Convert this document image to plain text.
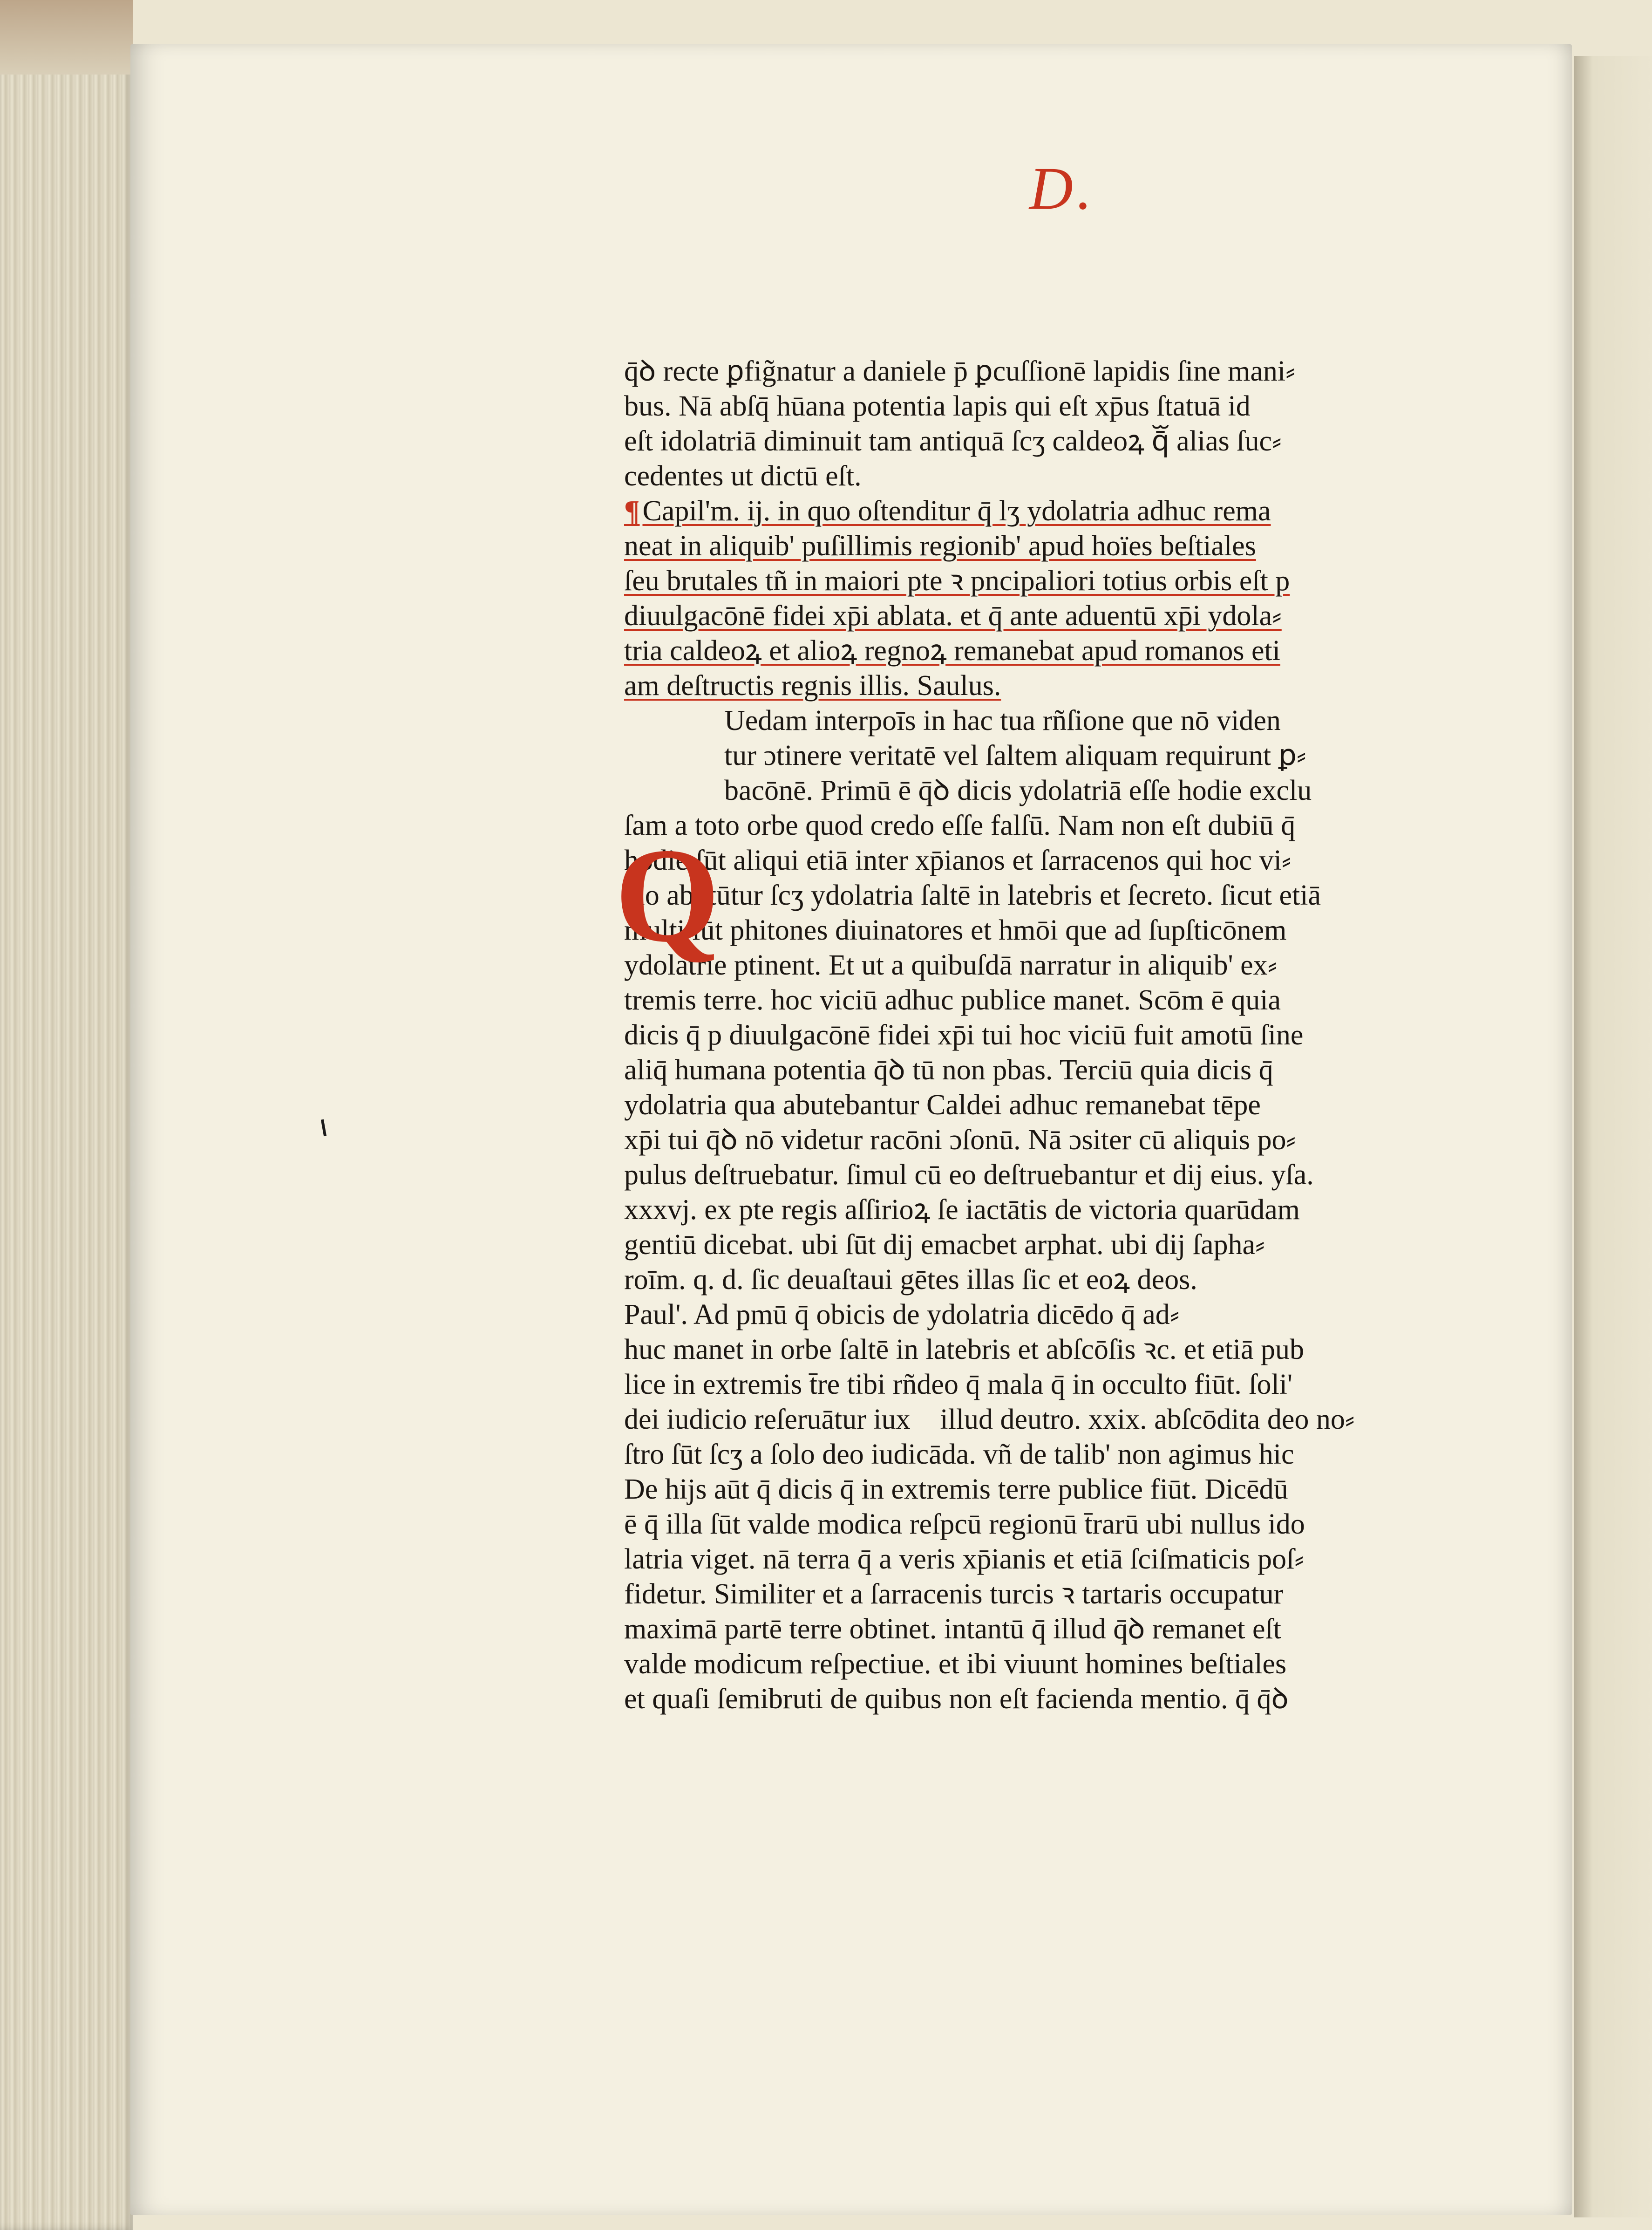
D.
q̄ꝺ recte ꝑfig̃natur a daniele p̄ ꝑcuſſionē lapidis ſine mani⸗
bus. Nā abſq̄ hūana potentia lapis qui eſt xp̄us ſtatuā id
eſt idolatriā diminuit tam antiquā ſcʒ caldeoꝝ q̄ᷓ alias ſuc⸗
cedentes ut dictū eſt.
¶Capil'm. ij. in quo oſtenditur q̄ lʒ ydolatria adhuc rema
neat in aliquib' puſillimis regionib' apud hoïes beſtiales
ſeu brutales tñ in maiori pte ꝛ pncipaliori totius orbis eſt p
diuulgacōnē fidei xp̄i ablata. et q̄ ante aduentū xp̄i ydola⸗
tria caldeoꝝ et alioꝝ regnoꝝ remanebat apud romanos eti
am deſtructis regnis illis. Saulus.
Uedam interpoīs in hac tua rñſione que nō viden
tur ɔtinere veritatē vel ſaltem aliquam requirunt ꝑ⸗
bacōnē. Primū ē q̄ꝺ dicis ydolatriā eſſe hodie exclu
ſam a toto orbe quod credo eſſe falſū. Nam non eſt dubiū q̄
hodie ſūt aliqui etiā inter xp̄ianos et ſarracenos qui hoc vi⸗
cio abutūtur ſcʒ ydolatria ſaltē in latebris et ſecreto. ſicut etiā
multi ſūt phitones diuinatores et hmōi que ad ſupſticōnem
ydolatrie ptinent. Et ut a quibuſdā narratur in aliquib' ex⸗
tremis terre. hoc viciū adhuc publice manet. Scōm ē quia
dicis q̄ p diuulgacōnē fidei xp̄i tui hoc viciū fuit amotū ſine
aliq̄ humana potentia q̄ꝺ tū non pbas. Terciū quia dicis q̄
ydolatria qua abutebantur Caldei adhuc remanebat tēpe
xp̄i tui q̄ꝺ nō videtur racōni ɔſonū. Nā ɔsiter cū aliquis po⸗
pulus deſtruebatur. ſimul cū eo deſtruebantur et dij eius. yſa.
xxxvj. ex pte regis aſſirioꝝ ſe iactātis de victoria quarūdam
gentiū dicebat. ubi ſūt dij emacbet arphat. ubi dij ſapha⸗
roīm. q. d. ſic deuaſtaui gētes illas ſic et eoꝝ deos.
Paul'. Ad pmū q̄ obicis de ydolatria dicēdo q̄ ad⸗
huc manet in orbe ſaltē in latebris et abſcōſis ꝛc. et etiā pub
lice in extremis t̄re tibi rñdeo q̄ mala q̄ in occulto fiūt. ſoli'
dei iudicio reſeruātur iuxᷓ illud deutro. xxix. abſcōdita deo no⸗
ſtro ſūt ſcʒ a ſolo deo iudicāda. vñ de talib' non agimus hic
De hijs aūt q̄ dicis q̄ in extremis terre publice fiūt. Dicēdū
ē q̄ illa ſūt valde modica reſpcū regionū t̄rarū ubi nullus ido
latria viget. nā terra q̄ a veris xp̄ianis et etiā ſciſmaticis poſ⸗
fidetur. Similiter et a ſarracenis turcis ꝛ tartaris occupatur
maximā partē terre obtinet. intantū q̄ illud q̄ꝺ remanet eſt
valde modicum reſpectiue. et ibi viuunt homines beſtiales
et quaſi ſemibruti de quibus non eſt facienda mentio. q̄ q̄ꝺ
Q
